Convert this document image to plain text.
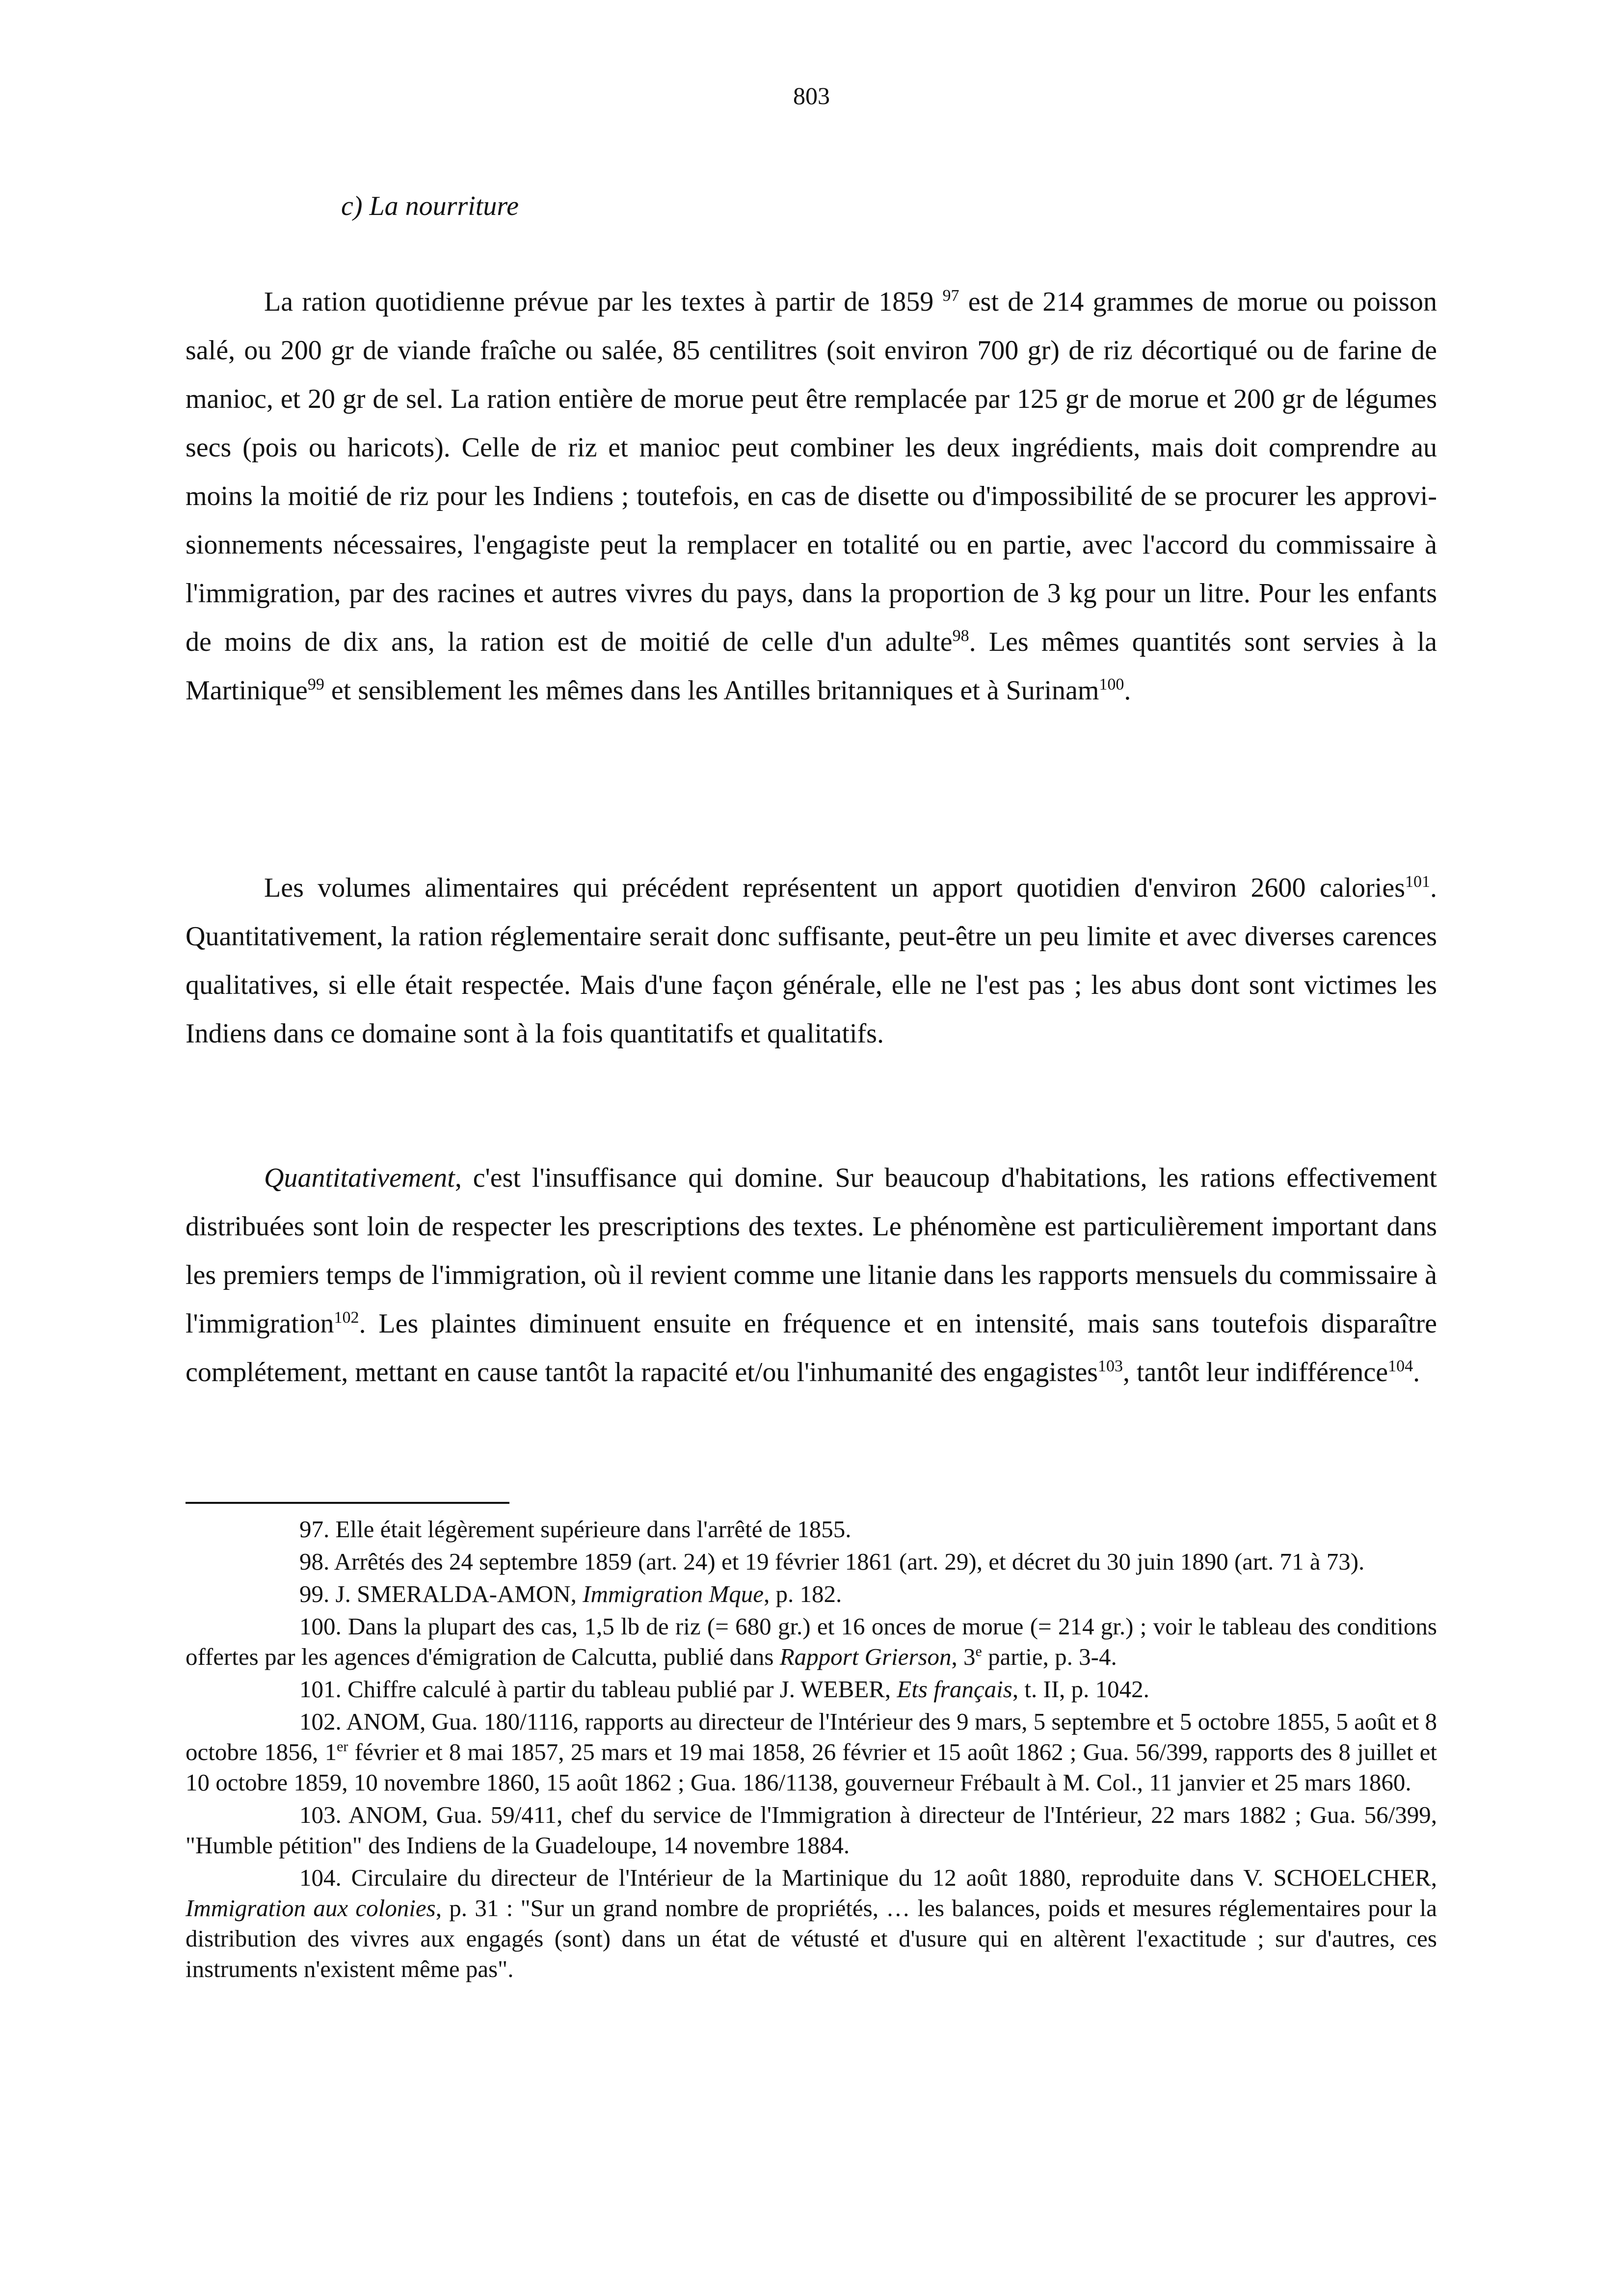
803
c) La nourriture

La ration quotidienne prévue par les textes à partir de 1859 $^{97}$ est de 214 grammes de morue ou poisson salé, ou 200 gr de viande fraîche ou salée, 85 centilitres (soit environ 700 gr) de riz décortiqué ou de farine de manioc, et 20 gr de sel. La ration entière de morue peut être remplacée par 125 gr de morue et 200 gr de légumes secs (pois ou haricots). Celle de riz et manioc peut combiner les deux ingrédients, mais doit comprendre au moins la moitié de riz pour les Indiens ; toutefois, en cas de disette ou d'impossibilité de se procurer les approvisionnements nécessaires, l'engagiste peut la remplacer en totalité ou en partie, avec l'accord du commissaire à l'immigration, par des racines et autres vivres du pays, dans la proportion de 3 kg pour un litre. Pour les enfants de moins de dix ans, la ration est de moitié de celle d'un adulte$^{98}$. Les mêmes quantités sont servies à la Martinique$^{99}$ et sensiblement les mêmes dans les Antilles britanniques et à Surinam$^{100}$.

Les volumes alimentaires qui précédent représentent un apport quotidien d'environ 2600 calories$^{101}$. Quantitativement, la ration réglementaire serait donc suffisante, peut-être un peu limite et avec diverses carences qualitatives, si elle était respectée. Mais d'une façon générale, elle ne l'est pas ; les abus dont sont victimes les Indiens dans ce domaine sont à la fois quantitatifs et qualitatifs.

Quantitativement, c'est l'insuffisance qui domine. Sur beaucoup d'habitations, les rations effectivement distribuées sont loin de respecter les prescriptions des textes. Le phénomène est particulièrement important dans les premiers temps de l'immigration, où il revient comme une litanie dans les rapports mensuels du commissaire à l'immigration$^{102}$. Les plaintes diminuent ensuite en fréquence et en intensité, mais sans toutefois disparaître complétement, mettant en cause tantôt la rapacité et/ou l'inhumanité des engagistes$^{103}$, tantôt leur indifférence$^{104}$.

97. Elle était légèrement supérieure dans l'arrêté de 1855.

98. Arrêtés des 24 septembre 1859 (art. 24) et 19 février 1861 (art. 29), et décret du 30 juin 1890 (art. 71 à 73).

99. J. SMERALDA-AMON, Immigration Mque, p. 182.

100. Dans la plupart des cas, 1,5 lb de riz (= 680 gr.) et 16 onces de morue (= 214 gr.) ; voir le tableau des conditions offertes par les agences d'émigration de Calcutta, publié dans Rapport Grierson, 3e partie, p. 3-4.

101. Chiffre calculé à partir du tableau publié par J. WEBER, Ets français, t. II, p. 1042.

102. ANOM, Gua. 180/1116, rapports au directeur de l'Intérieur des 9 mars, 5 septembre et 5 octobre 1855, 5 août et 8 octobre 1856, 1er février et 8 mai 1857, 25 mars et 19 mai 1858, 26 février et 15 août 1862 ; Gua. 56/399, rapports des 8 juillet et 10 octobre 1859, 10 novembre 1860, 15 août 1862 ; Gua. 186/1138, gouverneur Frébault à M. Col., 11 janvier et 25 mars 1860.

103. ANOM, Gua. 59/411, chef du service de l'Immigration à directeur de l'Intérieur, 22 mars 1882 ; Gua. 56/399, "Humble pétition" des Indiens de la Guadeloupe, 14 novembre 1884.

104. Circulaire du directeur de l'Intérieur de la Martinique du 12 août 1880, reproduite dans V. SCHOELCHER, Immigration aux colonies, p. 31 : "Sur un grand nombre de propriétés, … les balances, poids et mesures réglementaires pour la distribution des vivres aux engagés (sont) dans un état de vétusté et d'usure qui en altèrent l'exactitude ; sur d'autres, ces instruments n'existent même pas".
